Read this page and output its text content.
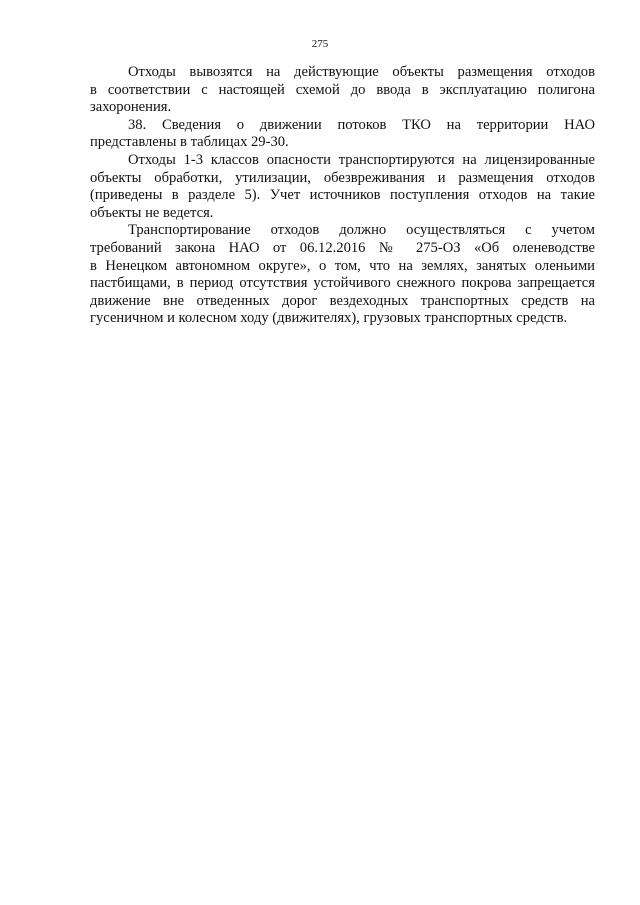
275
Отходы вывозятся на действующие объекты размещения отходов
в соответствии с настоящей схемой до ввода в эксплуатацию полигона
захоронения.
38. Сведения о движении потоков ТКО на территории НАО
представлены в таблицах 29-30.
Отходы 1-3 классов опасности транспортируются на лицензированные
объекты обработки, утилизации, обезвреживания и размещения отходов
(приведены в разделе 5). Учет источников поступления отходов на такие
объекты не ведется.
Транспортирование отходов должно осуществляться с учетом
требований закона НАО от 06.12.2016 № 275-ОЗ «Об оленеводстве
в Ненецком автономном округе», о том, что на землях, занятых оленьими
пастбищами, в период отсутствия устойчивого снежного покрова запрещается
движение вне отведенных дорог вездеходных транспортных средств на
гусеничном и колесном ходу (движителях), грузовых транспортных средств.
